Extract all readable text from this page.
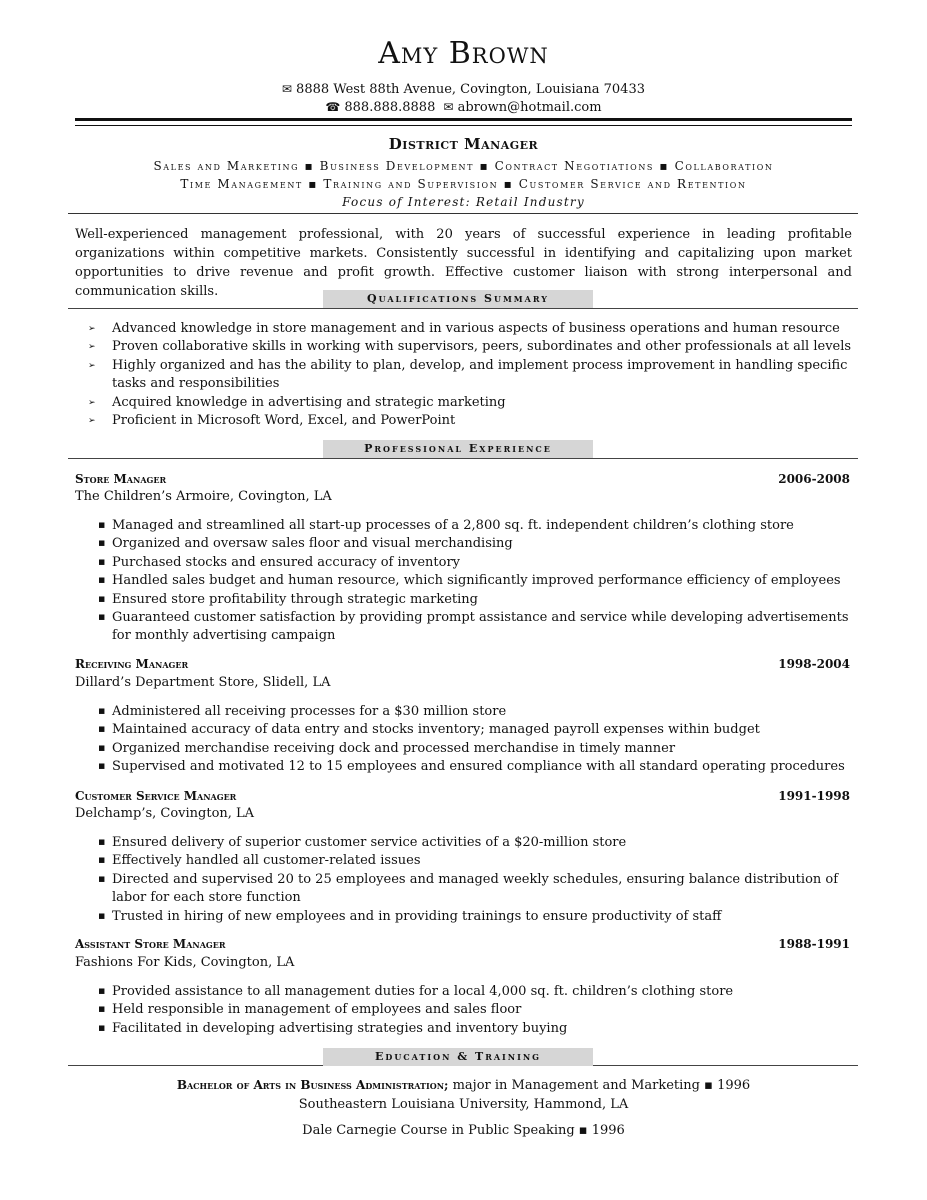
Amy Brown
✉ 8888 West 88th Avenue, Covington, Louisiana 70433
☎ 888.888.8888 ✉ abrown@hotmail.com
District Manager
Sales and Marketing ▪ Business Development ▪ Contract Negotiations ▪ Collaboration
Time Management ▪ Training and Supervision ▪ Customer Service and Retention
Focus of Interest: Retail Industry
Well-experienced management professional, with 20 years of successful experience in leading profitable organizations within competitive markets. Consistently successful in identifying and capitalizing upon market opportunities to drive revenue and profit growth. Effective customer liaison with strong interpersonal and communication skills.	Qualifications Summary
➢ Advanced knowledge in store management and in various aspects of business operations and human resource
➢ Proven collaborative skills in working with supervisors, peers, subordinates and other professionals at all levels
➢ Highly organized and has the ability to plan, develop, and implement process improvement in handling specific tasks and responsibilities
➢ Acquired knowledge in advertising and strategic marketing
➢ Proficient in Microsoft Word, Excel, and PowerPoint
Professional Experience
Store Manager	2006-2008
The Children’s Armoire, Covington, LA
▪ Managed and streamlined all start-up processes of a 2,800 sq. ft. independent children’s clothing store
▪ Organized and oversaw sales floor and visual merchandising
▪ Purchased stocks and ensured accuracy of inventory
▪ Handled sales budget and human resource, which significantly improved performance efficiency of employees
▪ Ensured store profitability through strategic marketing
▪ Guaranteed customer satisfaction by providing prompt assistance and service while developing advertisements for monthly advertising campaign
Receiving Manager	1998-2004
Dillard’s Department Store, Slidell, LA
▪ Administered all receiving processes for a $30 million store
▪ Maintained accuracy of data entry and stocks inventory; managed payroll expenses within budget
▪ Organized merchandise receiving dock and processed merchandise in timely manner
▪ Supervised and motivated 12 to 15 employees and ensured compliance with all standard operating procedures
Customer Service Manager	1991-1998
Delchamp’s, Covington, LA
▪ Ensured delivery of superior customer service activities of a $20-million store
▪ Effectively handled all customer-related issues
▪ Directed and supervised 20 to 25 employees and managed weekly schedules, ensuring balance distribution of labor for each store function
▪ Trusted in hiring of new employees and in providing trainings to ensure productivity of staff
Assistant Store Manager	1988-1991
Fashions For Kids, Covington, LA
▪ Provided assistance to all management duties for a local 4,000 sq. ft. children’s clothing store
▪ Held responsible in management of employees and sales floor
▪ Facilitated in developing advertising strategies and inventory buying
Education & Training
Bachelor of Arts in Business Administration; major in Management and Marketing ▪ 1996
Southeastern Louisiana University, Hammond, LA
Dale Carnegie Course in Public Speaking ▪ 1996
